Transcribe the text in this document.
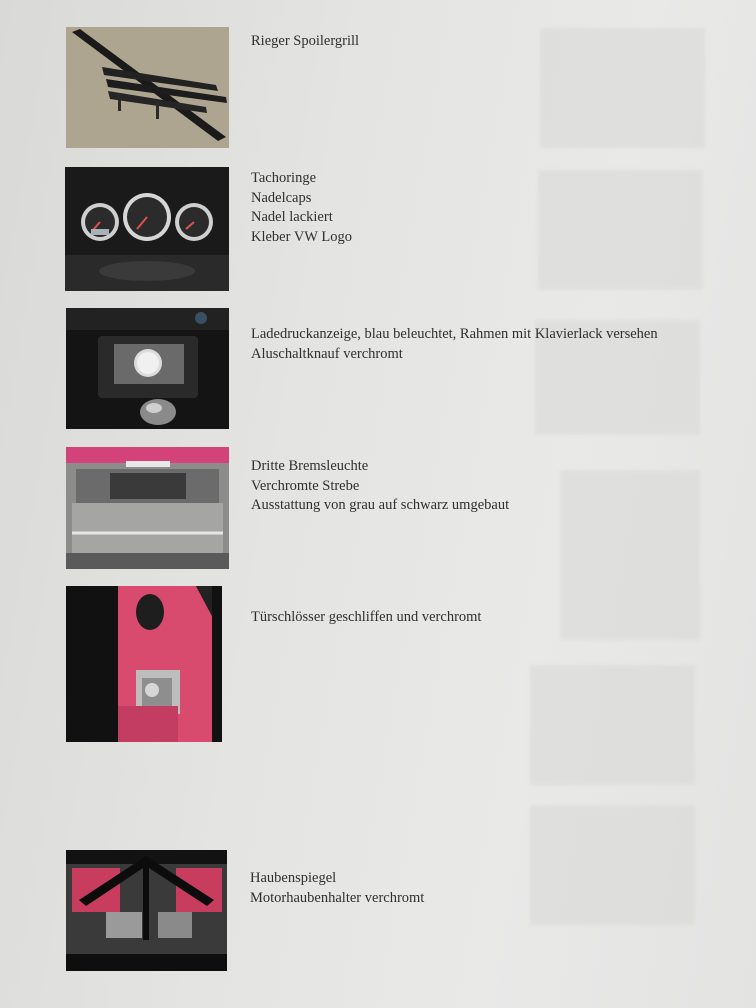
Rieger Spoilergrill
Tachoringe
Nadelcaps
Nadel lackiert
Kleber VW Logo
Ladedruckanzeige, blau beleuchtet, Rahmen mit Klavierlack versehen
Aluschaltknauf verchromt
Dritte Bremsleuchte
Verchromte Strebe
Ausstattung von grau auf schwarz umgebaut
Türschlösser geschliffen und verchromt
Haubenspiegel
Motorhaubenhalter verchromt
